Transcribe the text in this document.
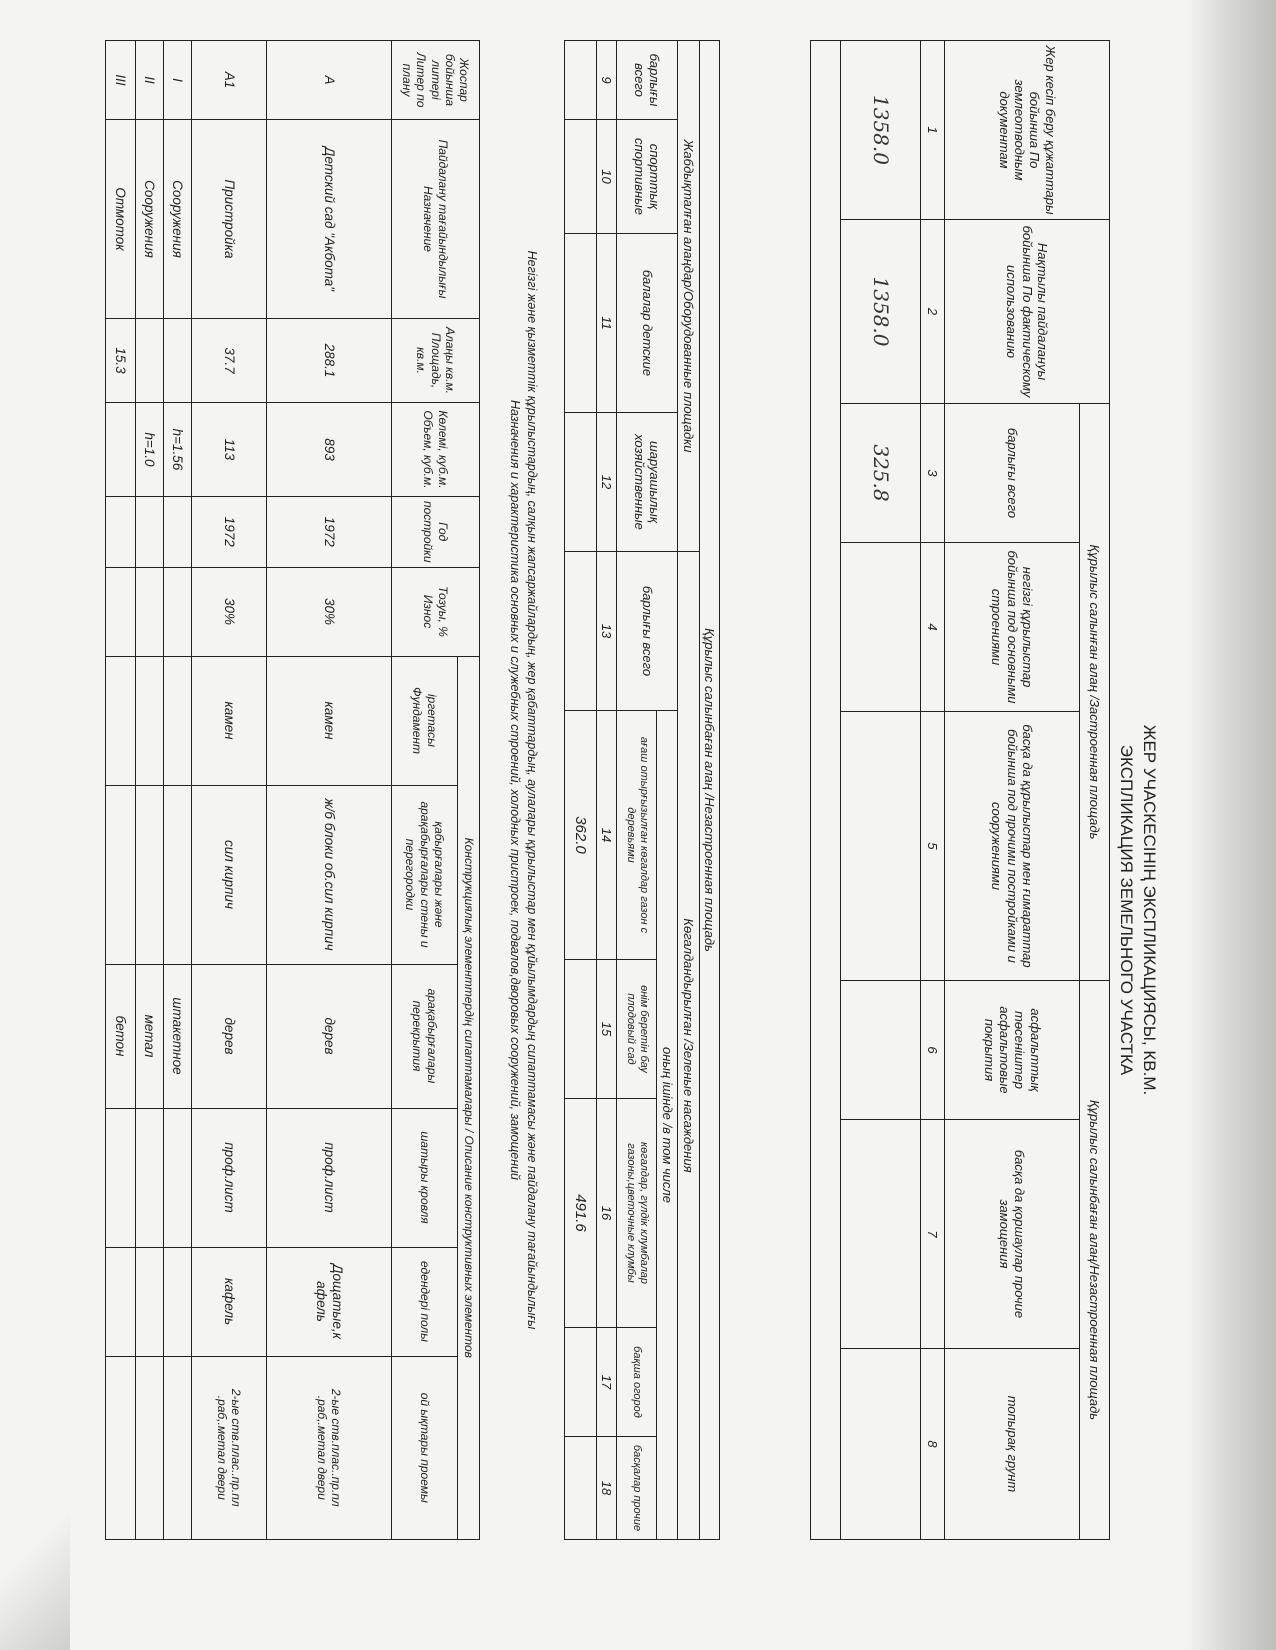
ЖЕР УЧАСКЕСІНІҢ ЭКСПЛИКАЦИЯСЫ, КВ.М.
ЭКСПЛИКАЦИЯ ЗЕМЕЛЬНОГО УЧАСТКА
Жер кесіп беру құжаттары бойынша По землеотводным документам	Нақтылы пайдалануы бойынша По фактическому использованию	Құрылыс салынған алаң /Застроенная площадь			Құрылыс салынбаған алаң/Незастроенная площадь		
		барлығы всего	негізгі құрылыстар бойынша под основными строениями	басқа да құрылыстар мен ғимараттар бойынша под прочими постройками и сооружениями	асфальттық төсеніштер асфальтовые покрытия	басқа да қоршаулар прочие замощения	топырақ грунт
1	2	3	4	5	6	7	8
1358.0	1358.0	325.8					

Құрылыс салынбаған алаң /Незастроенная площадь									
Жабдықталған алаңдар/Оборудованные площадки				Көгалдандырылған /Зеленые насаждения					
барлығы всего	спорттық спортивные	балалар детские	шаруашылық хозяйственные	барлығы всего	оның ішінде /в том числе				
					ағаш отырғызылған көгалдар газон с деревьями	өнім беретін бау плодовый сад	көгалдар, гүлдік клумбалар газоны,цветочные клумбы	бақша огород	басқалар прочие
9	10	11	12	13	14	15	16	17	18
					362.0		491.6		
Негізгі және қызметтік құрылыстардың, салқын жапсаржайлардың, жер қабаттардың, аулалары құрылыстар мен құйылымдардың сипаттамасы және пайдалану тағайындылығы
Назначения и характеристика основных и служебных строений, холодных пристроек, подвалов,дворовых сооружений, замощений
Жоспар бойынша литері Литер по плану	Пайдалану тағайындылығы Назначение	Алаңы кв.м. Площадь, кв.м.	Көлемі, куб.м. Объем, куб.м.	Год постройки	Тозуы, % Износ	Конструкциялық элементтердің сипаттамалары / Описание конструктивных элементов					
						іргетасы Фундамент	қабырғалары және арақабырғалары стены и перегородки	арақабырғалары перекрытия	шатыры кровля	едендері полы	ой ықтары проемы
А	Детский сад "Акбота"	288.1	893	1972	30%	камен	ж/б блоки об.сил кирпич	дерев	проф.лист	Дощатые,к афель	2-ые ств.плас..пр.пл .раб,.метал двери
А1	Пристройка	37.7	113	1972	30%	камен	сил кирпич	дерев	проф.лист	кафель	2-ые ств.плас..пр.пл .раб,.метал двери
I	Сооружения		h=1.56					штакетное			
II	Сооружения		h=1.0					метал			
III	Отмоток	15.3						бетон			
